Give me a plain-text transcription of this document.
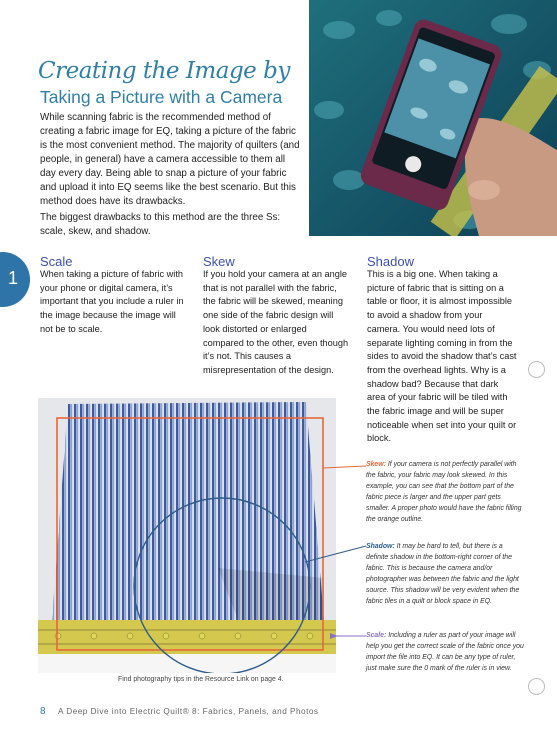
Creating the Image by
Taking a Picture with a Camera
While scanning fabric is the recommended method of creating a fabric image for EQ, taking a picture of the fabric is the most convenient method. The majority of quilters (and people, in general) have a camera accessible to them all day every day. Being able to snap a picture of your fabric and upload it into EQ seems like the best scenario. But this method does have its drawbacks.
The biggest drawbacks to this method are the three Ss: scale, skew, and shadow.
1
Scale
When taking a picture of fabric with your phone or digital camera, it’s important that you include a ruler in the image because the image will not be to scale.
Skew
If you hold your camera at an angle that is not parallel with the fabric, the fabric will be skewed, meaning one side of the fabric design will look distorted or enlarged compared to the other, even though it’s not. This causes a misrepresentation of the design.
Shadow
This is a big one. When taking a picture of fabric that is sitting on a table or floor, it is almost impossible to avoid a shadow from your camera. You would need lots of separate lighting coming in from the sides to avoid the shadow that’s cast from the overhead lights. Why is a shadow bad? Because that dark area of your fabric will be tiled with the fabric image and will be super noticeable when set into your quilt or block.
Find photography tips in the Resource Link on page 4.
Skew: If your camera is not perfectly parallel with the fabric, your fabric may look skewed. In this example, you can see that the bottom part of the fabric piece is larger and the upper part gets smaller. A proper photo would have the fabric filling the orange outline.
Shadow: It may be hard to tell, but there is a definite shadow in the bottom-right corner of the fabric. This is because the camera and/or photographer was between the fabric and the light source. This shadow will be very evident when the fabric tiles in a quilt or block space in EQ.
Scale: Including a ruler as part of your image will help you get the correct scale of the fabric once you import the file into EQ. It can be any type of ruler, just make sure the 0 mark of the ruler is in view.
8 A Deep Dive into Electric Quilt® 8: Fabrics, Panels, and Photos
